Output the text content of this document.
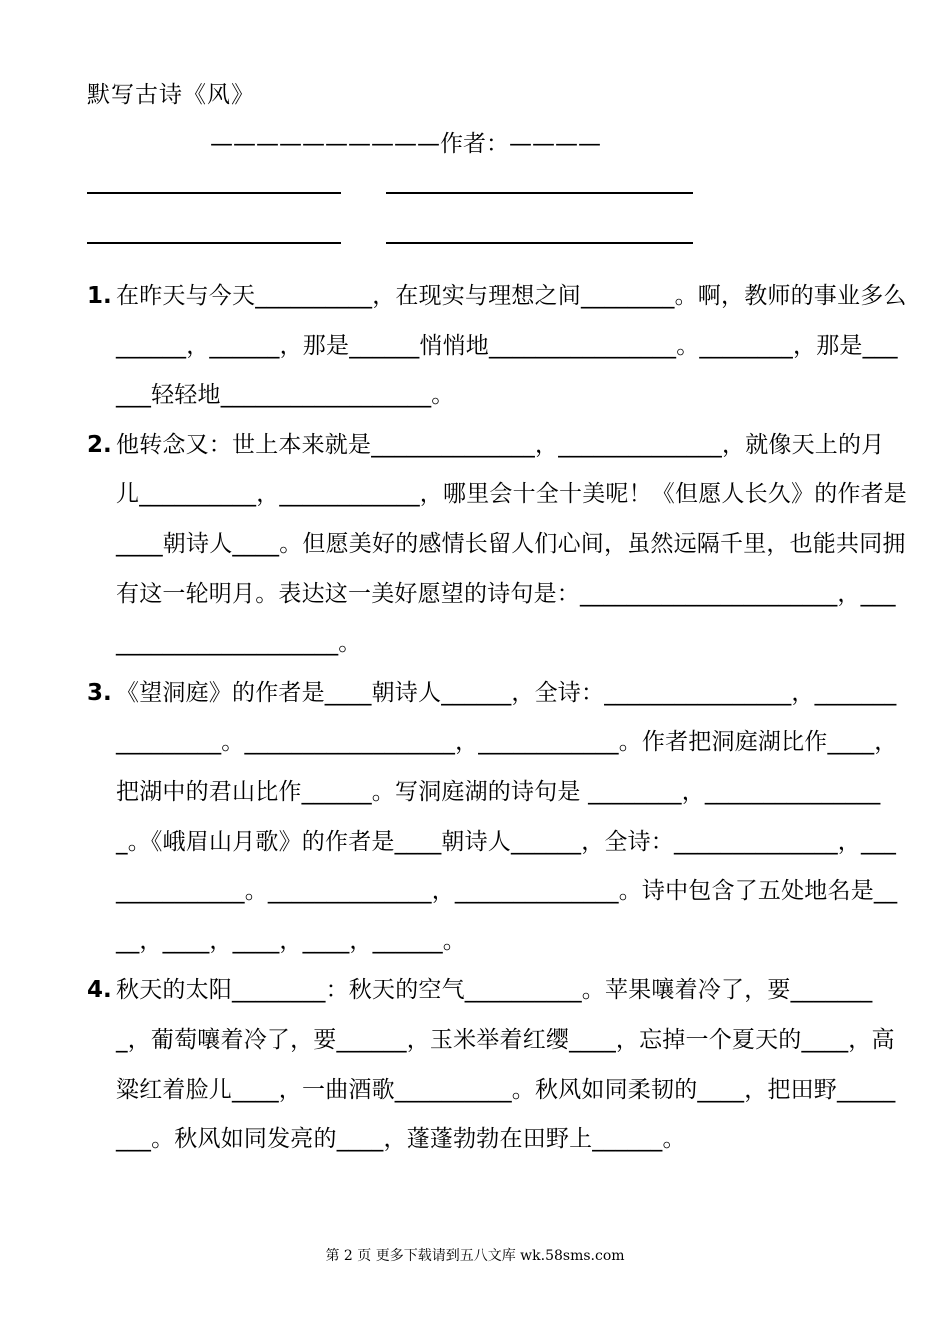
默写古诗《风》
——————————作者：————
1. 在昨天与今天__________，在现实与理想之间________。啊，教师的事业多么______，______，那是______悄悄地________________。________，那是______轻轻地__________________。
2. 他转念又：世上本来就是______________，______________，就像天上的月儿__________，____________，哪里会十全十美呢！《但愿人长久》的作者是____朝诗人____。但愿美好的感情长留人们心间，虽然远隔千里，也能共同拥有这一轮明月。表达这一美好愿望的诗句是：______________________，______________________。
3. 《望洞庭》的作者是____朝诗人______，全诗：________________，________________。__________________，____________。作者把洞庭湖比作____，把湖中的君山比作______。写洞庭湖的诗句是 ________，________________。《峨眉山月歌》的作者是____朝诗人______，全诗：______________，______________。______________，______________。诗中包含了五处地名是____，____，____，____，______。
4. 秋天的太阳________：秋天的空气__________。苹果嚷着冷了，要________，葡萄嚷着冷了，要______，玉米举着红缨____，忘掉一个夏天的____，高粱红着脸儿____，一曲酒歌__________。秋风如同柔韧的____，把田野________。秋风如同发亮的____，蓬蓬勃勃在田野上______。
第 2 页 更多下载请到五八文库 wk.58sms.com
